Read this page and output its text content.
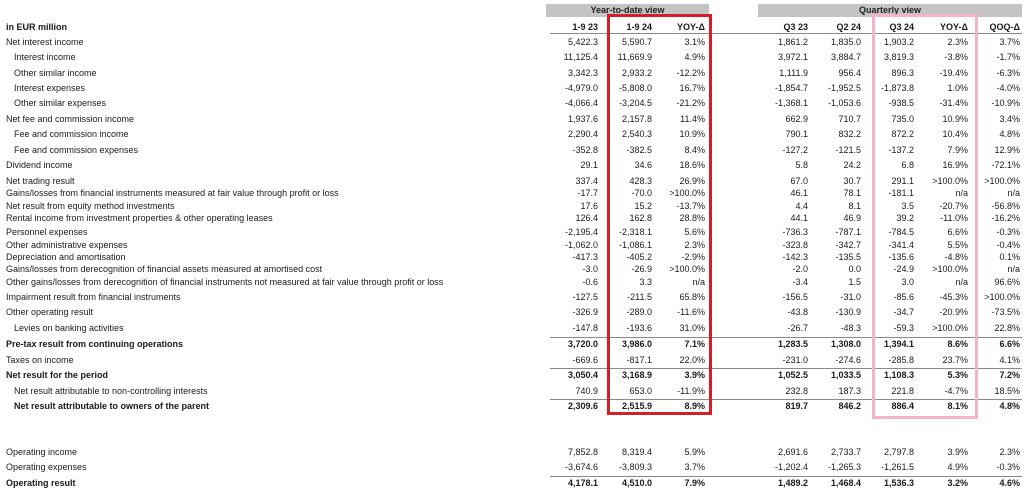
Year-to-date view	Quarterly view
in EUR million	1-9 23	1-9 24	YOY-Δ	Q3 23	Q2 24	Q3 24	YOY-Δ	QOQ-Δ
Net interest income	5,422.3	5,590.7	3.1%	1,861.2	1,835.0	1,903.2	2.3%	3.7%
Interest income	11,125.4	11,669.9	4.9%	3,972.1	3,884.7	3,819.3	-3.8%	-1.7%
Other similar income	3,342.3	2,933.2	-12.2%	1,111.9	956.4	896.3	-19.4%	-6.3%
Interest expenses	-4,979.0	-5,808.0	16.7%	-1,854.7	-1,952.5	-1,873.8	1.0%	-4.0%
Other similar expenses	-4,066.4	-3,204.5	-21.2%	-1,368.1	-1,053.6	-938.5	-31.4%	-10.9%
Net fee and commission income	1,937.6	2,157.8	11.4%	662.9	710.7	735.0	10.9%	3.4%
Fee and commission income	2,290.4	2,540.3	10.9%	790.1	832.2	872.2	10.4%	4.8%
Fee and commission expenses	-352.8	-382.5	8.4%	-127.2	-121.5	-137.2	7.9%	12.9%
Dividend income	29.1	34.6	18.6%	5.8	24.2	6.8	16.9%	-72.1%
Net trading result	337.4	428.3	26.9%	67.0	30.7	291.1	>100.0%	>100.0%
Gains/losses from financial instruments measured at fair value through profit or loss	-17.7	-70.0	>100.0%	46.1	78.1	-181.1	n/a	n/a
Net result from equity method investments	17.6	15.2	-13.7%	4.4	8.1	3.5	-20.7%	-56.8%
Rental income from investment properties & other operating leases	126.4	162.8	28.8%	44.1	46.9	39.2	-11.0%	-16.2%
Personnel expenses	-2,195.4	-2,318.1	5.6%	-736.3	-787.1	-784.5	6.6%	-0.3%
Other administrative expenses	-1,062.0	-1,086.1	2.3%	-323.8	-342.7	-341.4	5.5%	-0.4%
Depreciation and amortisation	-417.3	-405.2	-2.9%	-142.3	-135.5	-135.6	-4.8%	0.1%
Gains/losses from derecognition of financial assets measured at amortised cost	-3.0	-26.9	>100.0%	-2.0	0.0	-24.9	>100.0%	n/a
Other gains/losses from derecognition of financial instruments not measured at fair value through profit or loss	-0.6	3.3	n/a	-3.4	1.5	3.0	n/a	96.6%
Impairment result from financial instruments	-127.5	-211.5	65.8%	-156.5	-31.0	-85.6	-45.3%	>100.0%
Other operating result	-326.9	-289.0	-11.6%	-43.8	-130.9	-34.7	-20.9%	-73.5%
Levies on banking activities	-147.8	-193.6	31.0%	-26.7	-48.3	-59.3	>100.0%	22.8%
Pre-tax result from continuing operations	3,720.0	3,986.0	7.1%	1,283.5	1,308.0	1,394.1	8.6%	6.6%
Taxes on income	-669.6	-817.1	22.0%	-231.0	-274.6	-285.8	23.7%	4.1%
Net result for the period	3,050.4	3,168.9	3.9%	1,052.5	1,033.5	1,108.3	5.3%	7.2%
Net result attributable to non-controlling interests	740.9	653.0	-11.9%	232.8	187.3	221.8	-4.7%	18.5%
Net result attributable to owners of the parent	2,309.6	2,515.9	8.9%	819.7	846.2	886.4	8.1%	4.8%
Operating income	7,852.8	8,319.4	5.9%	2,691.6	2,733.7	2,797.8	3.9%	2.3%
Operating expenses	-3,674.6	-3,809.3	3.7%	-1,202.4	-1,265.3	-1,261.5	4.9%	-0.3%
Operating result	4,178.1	4,510.0	7.9%	1,489.2	1,468.4	1,536.3	3.2%	4.6%
